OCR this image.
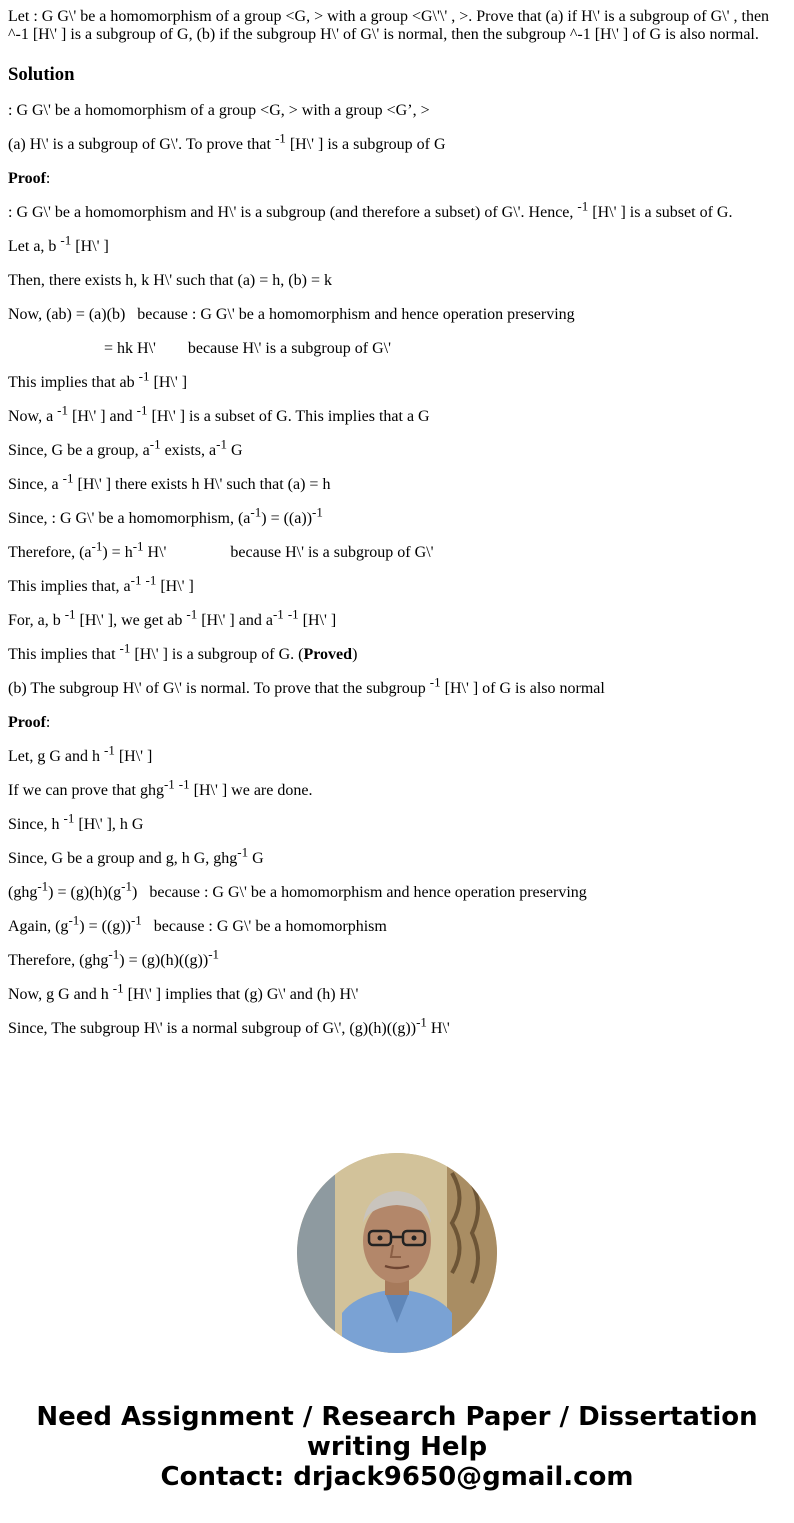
Let : G G\' be a homomorphism of a group <G, > with a group <G\'\' , >. Prove that (a) if H\' is a subgroup of G\' , then ^-1 [H\' ] is a subgroup of G, (b) if the subgroup H\' of G\' is normal, then the subgroup ^-1 [H\' ] of G is also normal.
Solution
: G G\' be a homomorphism of a group <G, > with a group <G’, >
(a) H\' is a subgroup of G\'. To prove that $^{-1}$ [H\' ] is a subgroup of G
Proof:
: G G\' be a homomorphism and H\' is a subgroup (and therefore a subset) of G\'. Hence, $^{-1}$ [H\' ] is a subset of G.
Let a, b $^{-1}$ [H\' ]
Then, there exists h, k H\' such that (a) = h, (b) = k
Now, (ab) = (a)(b)   because : G G\' be a homomorphism and hence operation preserving
= hk H\'        because H\' is a subgroup of G\'
This implies that ab $^{-1}$ [H\' ]
Now, a $^{-1}$ [H\' ] and $^{-1}$ [H\' ] is a subset of G. This implies that a G
Since, G be a group, $a^{-1}$ exists, $a^{-1}$ G
Since, a $^{-1}$ [H\' ] there exists h H\' such that (a) = h
Since, : G G\' be a homomorphism, $(a^{-1}) = ((a))^{-1}$
Therefore, $(a^{-1}) = h^{-1}$ H\'                because H\' is a subgroup of G\'
This implies that, $a^{-1}$ $^{-1}$ [H\' ]
For, a, b $^{-1}$ [H\' ], we get ab $^{-1}$ [H\' ] and $a^{-1}$ $^{-1}$ [H\' ]
This implies that $^{-1}$ [H\' ] is a subgroup of G. (Proved)
(b) The subgroup H\' of G\' is normal. To prove that the subgroup $^{-1}$ [H\' ] of G is also normal
Proof:
Let, g G and h $^{-1}$ [H\' ]
If we can prove that ghg$^{-1}$ $^{-1}$ [H\' ] we are done.
Since, h $^{-1}$ [H\' ], h G
Since, G be a group and g, h G, ghg$^{-1}$ G
$(ghg^{-1}) = (g)(h)(g^{-1})$   because : G G\' be a homomorphism and hence operation preserving
Again, $(g^{-1}) = ((g))^{-1}$   because : G G\' be a homomorphism
Therefore, $(ghg^{-1}) = (g)(h)((g))^{-1}$
Now, g G and h $^{-1}$ [H\' ] implies that (g) G\' and (h) H\'
Since, The subgroup H\' is a normal subgroup of G\', $(g)(h)((g))^{-1}$ H\'
Need Assignment / Research Paper / Dissertation
writing Help
Contact: drjack9650@gmail.com
